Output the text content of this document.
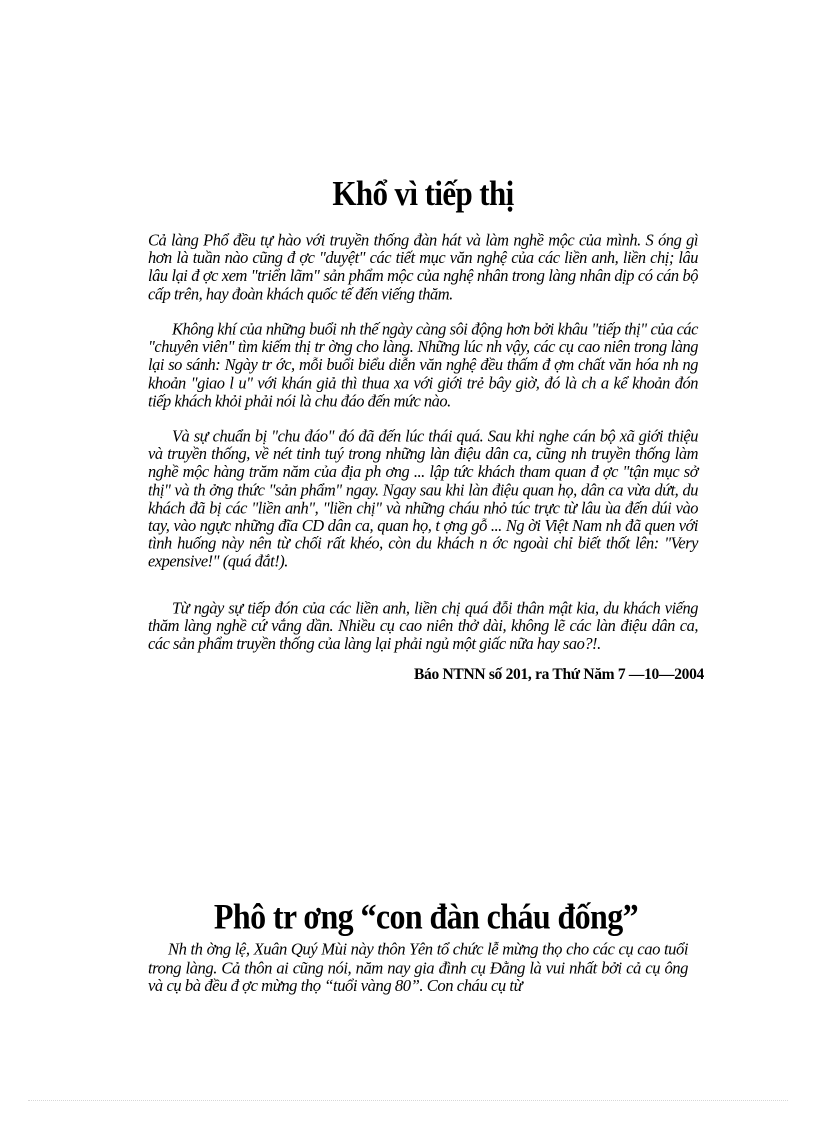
Khổ vì tiếp thị

Cả làng Phổ đều tự hào với truyền thống đàn hát và làm nghề mộc của mình. S óng gì hơn là tuần nào cũng đ ợc "duyệt" các tiết mục văn nghệ của các liền anh, liền chị; lâu lâu lại đ ợc xem "triển lãm" sản phẩm mộc của nghệ nhân trong làng nhân dịp có cán bộ cấp trên, hay đoàn khách quốc tế đến viếng thăm.

Không khí của những buổi nh thế ngày càng sôi động hơn bởi khâu "tiếp thị" của các "chuyên viên" tìm kiếm thị tr ờng cho làng. Những lúc nh vậy, các cụ cao niên trong làng lại so sánh: Ngày tr ớc, mỗi buổi biểu diễn văn nghệ đều thấm đ ợm chất văn hóa nh ng khoản "giao l u" với khán giả thì thua xa với giới trẻ bây giờ, đó là ch a kể khoản đón tiếp khách khỏi phải nói là chu đáo đến mức nào.

Và sự chuẩn bị "chu đáo" đó đã đến lúc thái quá. Sau khi nghe cán bộ xã giới thiệu và truyền thống, về nét tinh tuý trong những làn điệu dân ca, cũng nh truyền thống làm nghề mộc hàng trăm năm của địa ph ơng ... lập tức khách tham quan đ ợc "tận mục sở thị" và th ởng thức "sản phẩm" ngay. Ngay sau khi làn điệu quan họ, dân ca vừa dứt, du khách đã bị các "liền anh", "liền chị" và những cháu nhỏ túc trực từ lâu ùa đến dúi vào tay, vào ngực những đĩa CD dân ca, quan họ, t ợng gỗ ... Ng ời Việt Nam nh đã quen với tình huống này nên từ chối rất khéo, còn du khách n ớc ngoài chỉ biết thốt lên: "Very expensive!" (quá đắt!).

Từ ngày sự tiếp đón của các liền anh, liền chị quá đỗi thân mật kia, du khách viếng thăm làng nghề cứ vắng dần. Nhiều cụ cao niên thở dài, không lẽ các làn điệu dân ca, các sản phẩm truyền thống của làng lại phải ngủ một giấc nữa hay sao?!.

Báo NTNN số 201, ra Thứ Năm 7 —10—2004

Phô tr ơng “con đàn cháu đống”

Nh th ờng lệ, Xuân Quý Mùi này thôn Yên tổ chức lễ mừng thọ cho các cụ cao tuổi trong làng. Cả thôn ai cũng nói, năm nay gia đình cụ Đằng là vui nhất bởi cả cụ ông và cụ bà đều đ ợc mừng thọ “tuổi vàng 80”. Con cháu cụ từ
